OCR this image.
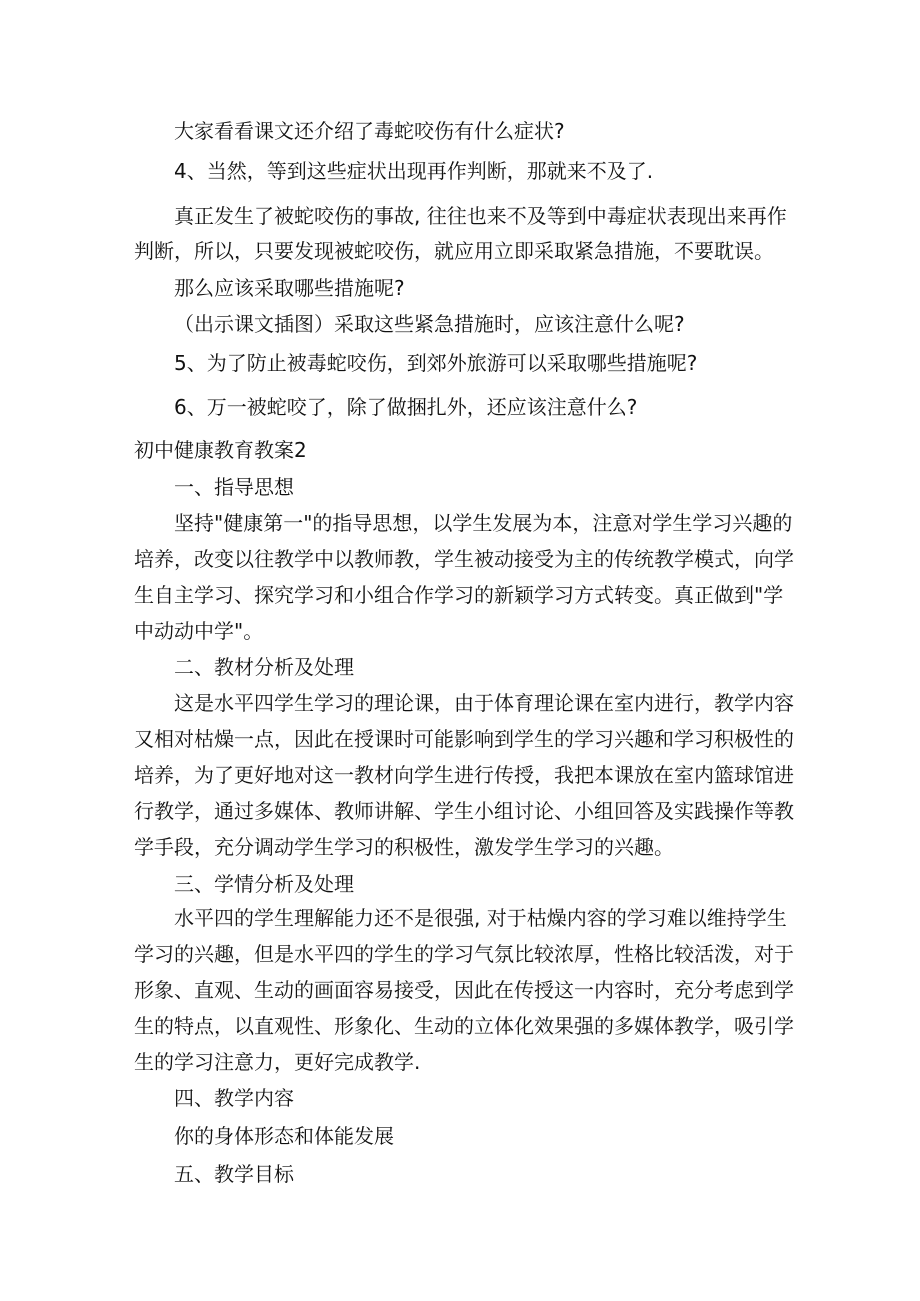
大家看看课文还介绍了毒蛇咬伤有什么症状?
4、当然，等到这些症状出现再作判断，那就来不及了.
真正发生了被蛇咬伤的事故, 往往也来不及等到中毒症状表现出来再作
判断，所以，只要发现被蛇咬伤，就应用立即采取紧急措施，不要耽误。
那么应该采取哪些措施呢?
（出示课文插图）采取这些紧急措施时，应该注意什么呢?
5、为了防止被毒蛇咬伤，到郊外旅游可以采取哪些措施呢?
6、万一被蛇咬了，除了做捆扎外，还应该注意什么?
初中健康教育教案2
一、指导思想
坚持"健康第一"的指导思想，以学生发展为本，注意对学生学习兴趣的
培养，改变以往教学中以教师教，学生被动接受为主的传统教学模式，向学
生自主学习、探究学习和小组合作学习的新颖学习方式转变。真正做到"学
中动动中学"。
二、教材分析及处理
这是水平四学生学习的理论课，由于体育理论课在室内进行，教学内容
又相对枯燥一点，因此在授课时可能影响到学生的学习兴趣和学习积极性的
培养，为了更好地对这一教材向学生进行传授，我把本课放在室内篮球馆进
行教学，通过多媒体、教师讲解、学生小组讨论、小组回答及实践操作等教
学手段，充分调动学生学习的积极性，激发学生学习的兴趣。
三、学情分析及处理
水平四的学生理解能力还不是很强, 对于枯燥内容的学习难以维持学生
学习的兴趣，但是水平四的学生的学习气氛比较浓厚，性格比较活泼，对于
形象、直观、生动的画面容易接受，因此在传授这一内容时，充分考虑到学
生的特点，以直观性、形象化、生动的立体化效果强的多媒体教学，吸引学
生的学习注意力，更好完成教学.
四、教学内容
你的身体形态和体能发展
五、教学目标
